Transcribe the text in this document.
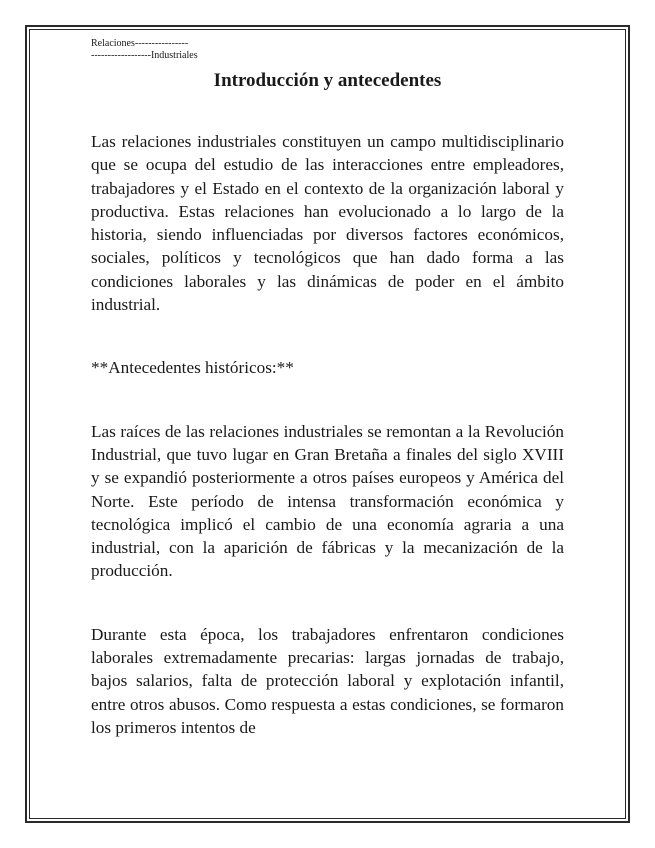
Relaciones----------------
------------------Industriales
Introducción y antecedentes

Las relaciones industriales constituyen un campo multidisciplinario que se ocupa del estudio de las interacciones entre empleadores, trabajadores y el Estado en el contexto de la organización laboral y productiva. Estas relaciones han evolucionado a lo largo de la historia, siendo influenciadas por diversos factores económicos, sociales, políticos y tecnológicos que han dado forma a las condiciones laborales y las dinámicas de poder en el ámbito industrial.

**Antecedentes históricos:**

Las raíces de las relaciones industriales se remontan a la Revolución Industrial, que tuvo lugar en Gran Bretaña a finales del siglo XVIII y se expandió posteriormente a otros países europeos y América del Norte. Este período de intensa transformación económica y tecnológica implicó el cambio de una economía agraria a una industrial, con la aparición de fábricas y la mecanización de la producción.

Durante esta época, los trabajadores enfrentaron condiciones laborales extremadamente precarias: largas jornadas de trabajo, bajos salarios, falta de protección laboral y explotación infantil, entre otros abusos. Como respuesta a estas condiciones, se formaron los primeros intentos de
